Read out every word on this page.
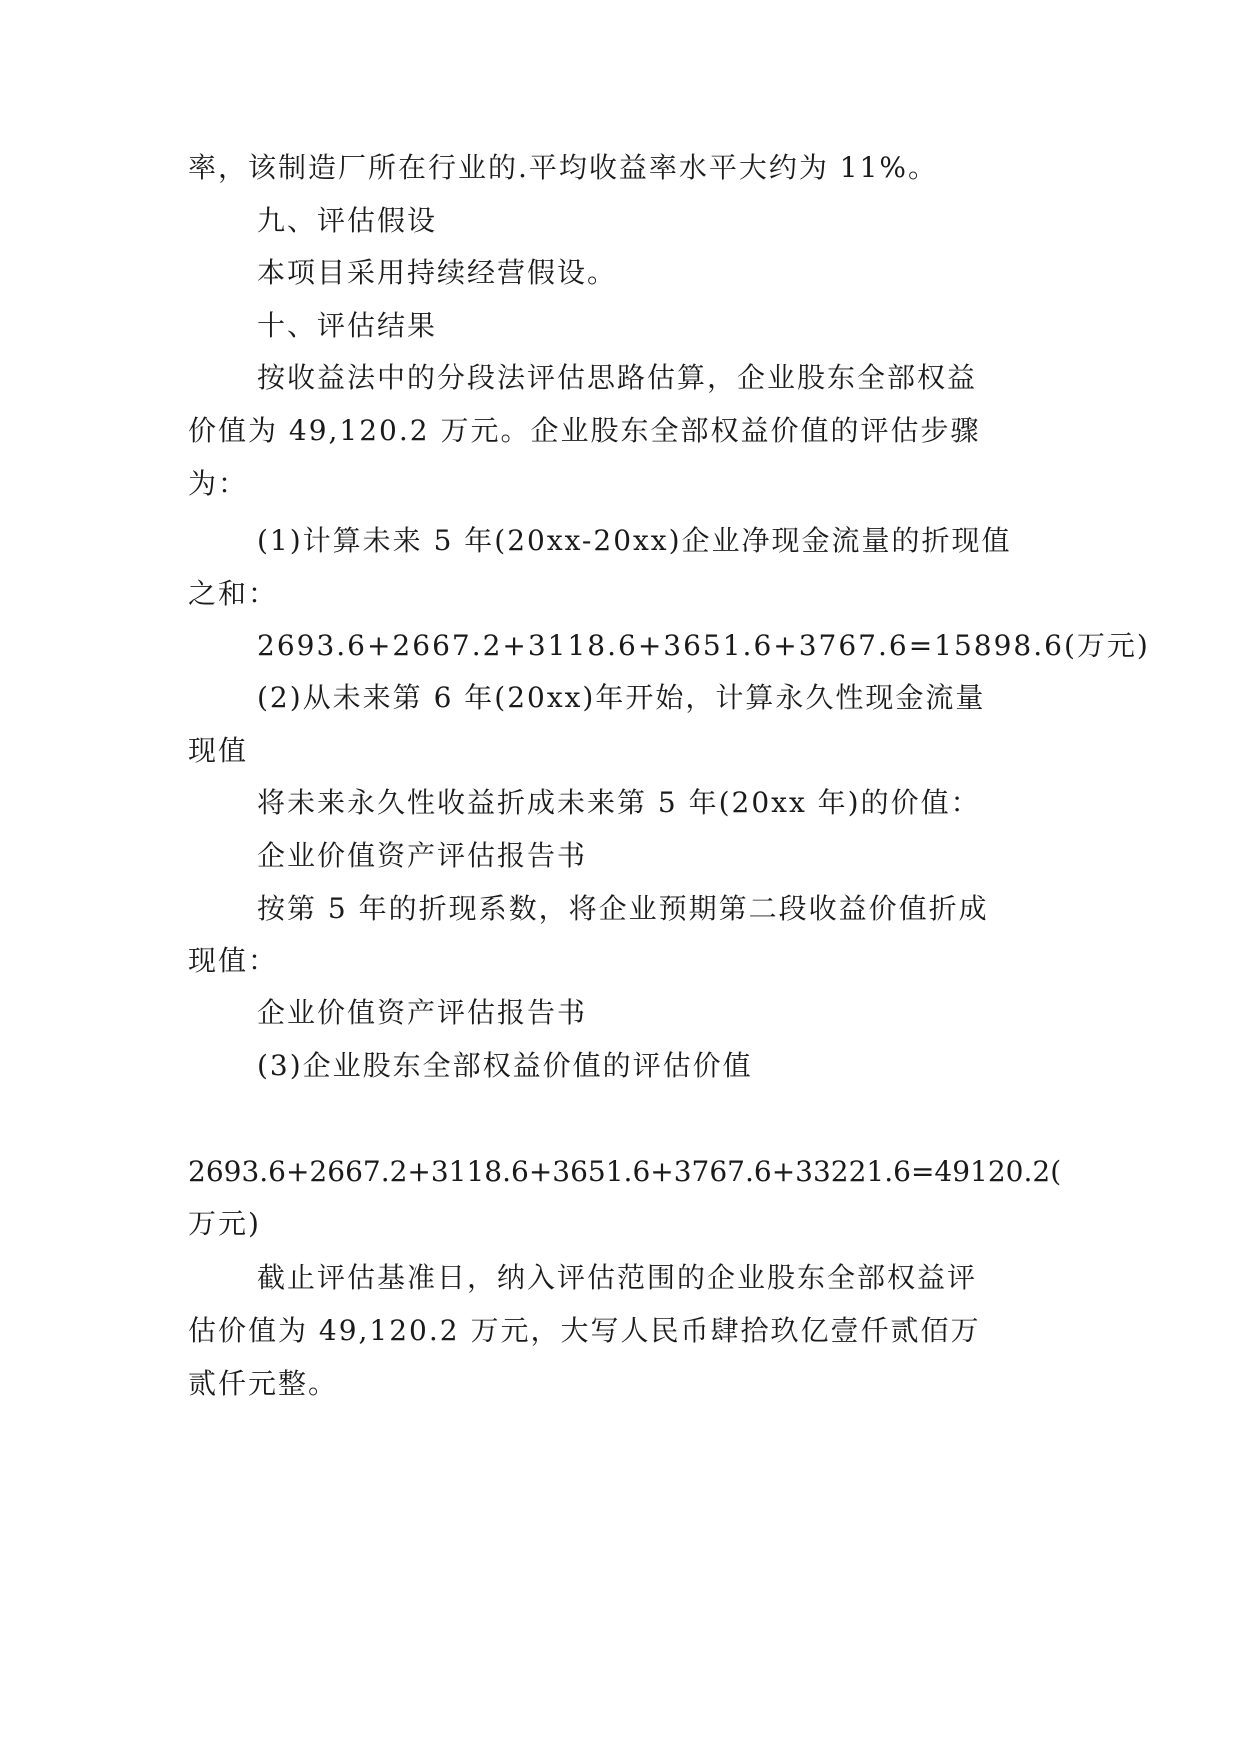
率，该制造厂所在行业的.平均收益率水平大约为 11%。
九、评估假设
本项目采用持续经营假设。
十、评估结果
按收益法中的分段法评估思路估算，企业股东全部权益
价值为 49,120.2 万元。企业股东全部权益价值的评估步骤
为：
(1)计算未来 5 年(20xx-20xx)企业净现金流量的折现值
之和：
2693.6+2667.2+3118.6+3651.6+3767.6=15898.6(万元)
(2)从未来第 6 年(20xx)年开始，计算永久性现金流量
现值
将未来永久性收益折成未来第 5 年(20xx 年)的价值：
企业价值资产评估报告书
按第 5 年的折现系数，将企业预期第二段收益价值折成
现值：
企业价值资产评估报告书
(3)企业股东全部权益价值的评估价值
2693.6+2667.2+3118.6+3651.6+3767.6+33221.6=49120.2(
万元)
截止评估基准日，纳入评估范围的企业股东全部权益评
估价值为 49,120.2 万元，大写人民币肆拾玖亿壹仟贰佰万
贰仟元整。
